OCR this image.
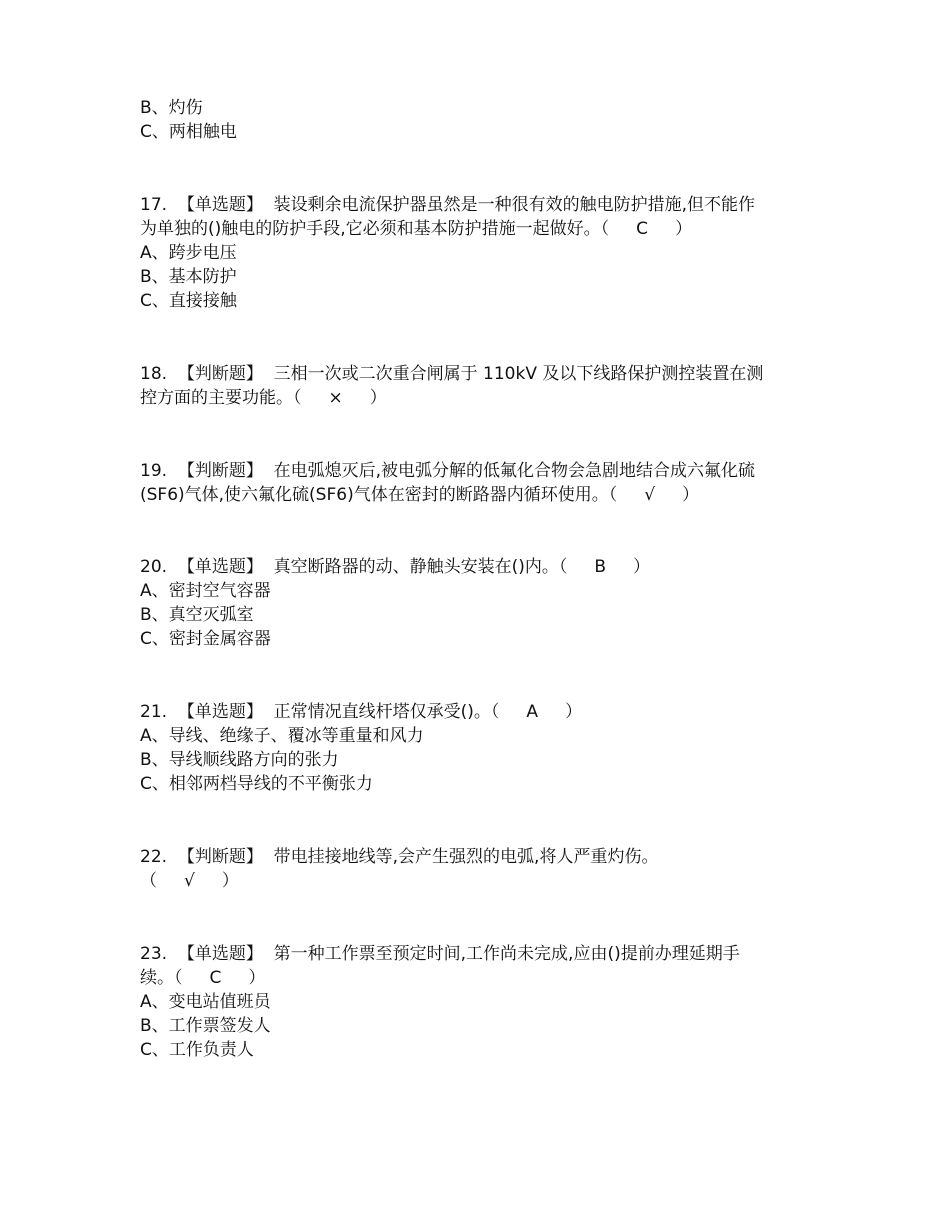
B、灼伤
C、两相触电
17.  【单选题】  装设剩余电流保护器虽然是一种很有效的触电防护措施,但不能作
为单独的()触电的防护手段,它必须和基本防护措施一起做好。（     C     ）
A、跨步电压
B、基本防护
C、直接接触
18.  【判断题】  三相一次或二次重合闸属于 110kV 及以下线路保护测控装置在测
控方面的主要功能。（     ×     ）
19.  【判断题】  在电弧熄灭后,被电弧分解的低氟化合物会急剧地结合成六氟化硫
(SF6)气体,使六氟化硫(SF6)气体在密封的断路器内循环使用。（     √     ）
20.  【单选题】  真空断路器的动、静触头安装在()内。（     B     ）
A、密封空气容器
B、真空灭弧室
C、密封金属容器
21.  【单选题】  正常情况直线杆塔仅承受()。（     A     ）
A、导线、绝缘子、覆冰等重量和风力
B、导线顺线路方向的张力
C、相邻两档导线的不平衡张力
22.  【判断题】  带电挂接地线等,会产生强烈的电弧,将人严重灼伤。
（     √     ）
23.  【单选题】  第一种工作票至预定时间,工作尚未完成,应由()提前办理延期手
续。（     C     ）
A、变电站值班员
B、工作票签发人
C、工作负责人
